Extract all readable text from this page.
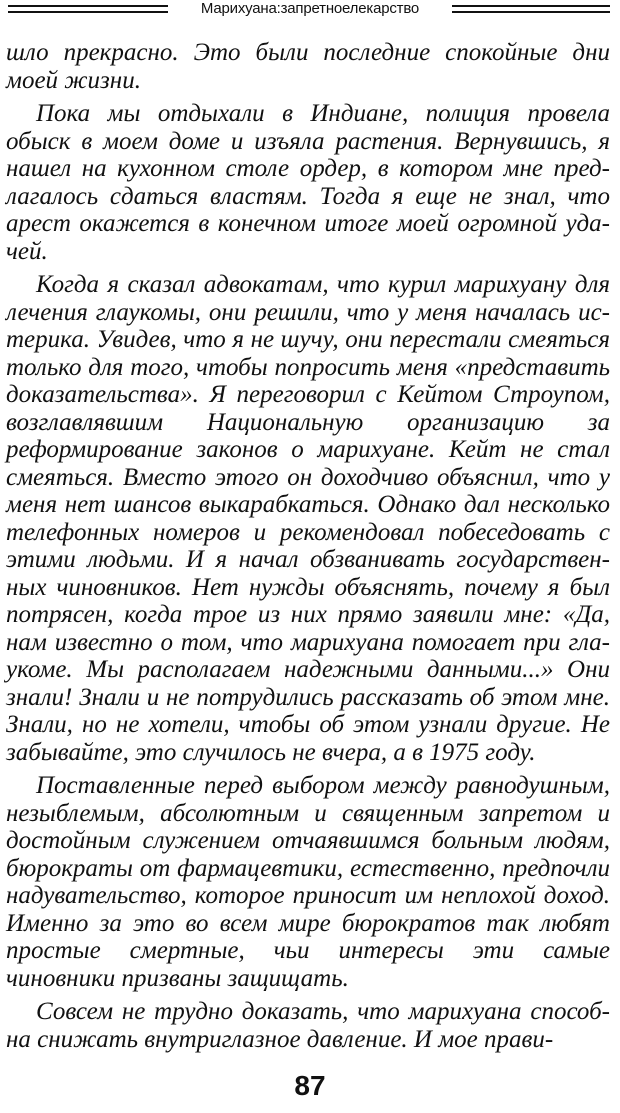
Марихуана:запретноелекарство

шло прекрасно. Это были последние спокойные дни моей жизни.

Пока мы отдыхали в Индиане, полиция провела обыск в моем доме и изъяла растения. Вернувшись, я нашел на кухонном столе ордер, в котором мне предлагалось сдаться властям. Тогда я еще не знал, что арест окажется в конечном итоге моей огромной удачей.

Когда я сказал адвокатам, что курил марихуану для лечения глаукомы, они решили, что у меня началась истерика. Увидев, что я не шучу, они перестали смеяться только для того, чтобы попросить меня «представить доказательства». Я переговорил с Кейтом Строупом, возглавлявшим Национальную организацию за реформирование законов о марихуане. Кейт не стал смеяться. Вместо этого он доходчиво объяснил, что у меня нет шансов выкарабкаться. Однако дал несколько телефонных номеров и рекомендовал побеседовать с этими людьми. И я начал обзванивать государственных чиновников. Нет нужды объяснять, почему я был потрясен, когда трое из них прямо заявили мне: «Да, нам известно о том, что марихуана помогает при глаукоме. Мы располагаем надежными данными...» Они знали! Знали и не потрудились рассказать об этом мне. Знали, но не хотели, чтобы об этом узнали другие. Не забывайте, это случилось не вчера, а в 1975 году.

Поставленные перед выбором между равнодушным, незыблемым, абсолютным и священным запретом и достойным служением отчаявшимся больным людям, бюрократы от фармацевтики, естественно, предпочли надувательство, которое приносит им неплохой доход. Именно за это во всем мире бюрократов так любят простые смертные, чьи интересы эти самые чиновники призваны защищать.

Совсем не трудно доказать, что марихуана способна снижать внутриглазное давление. И мое прави-

87
